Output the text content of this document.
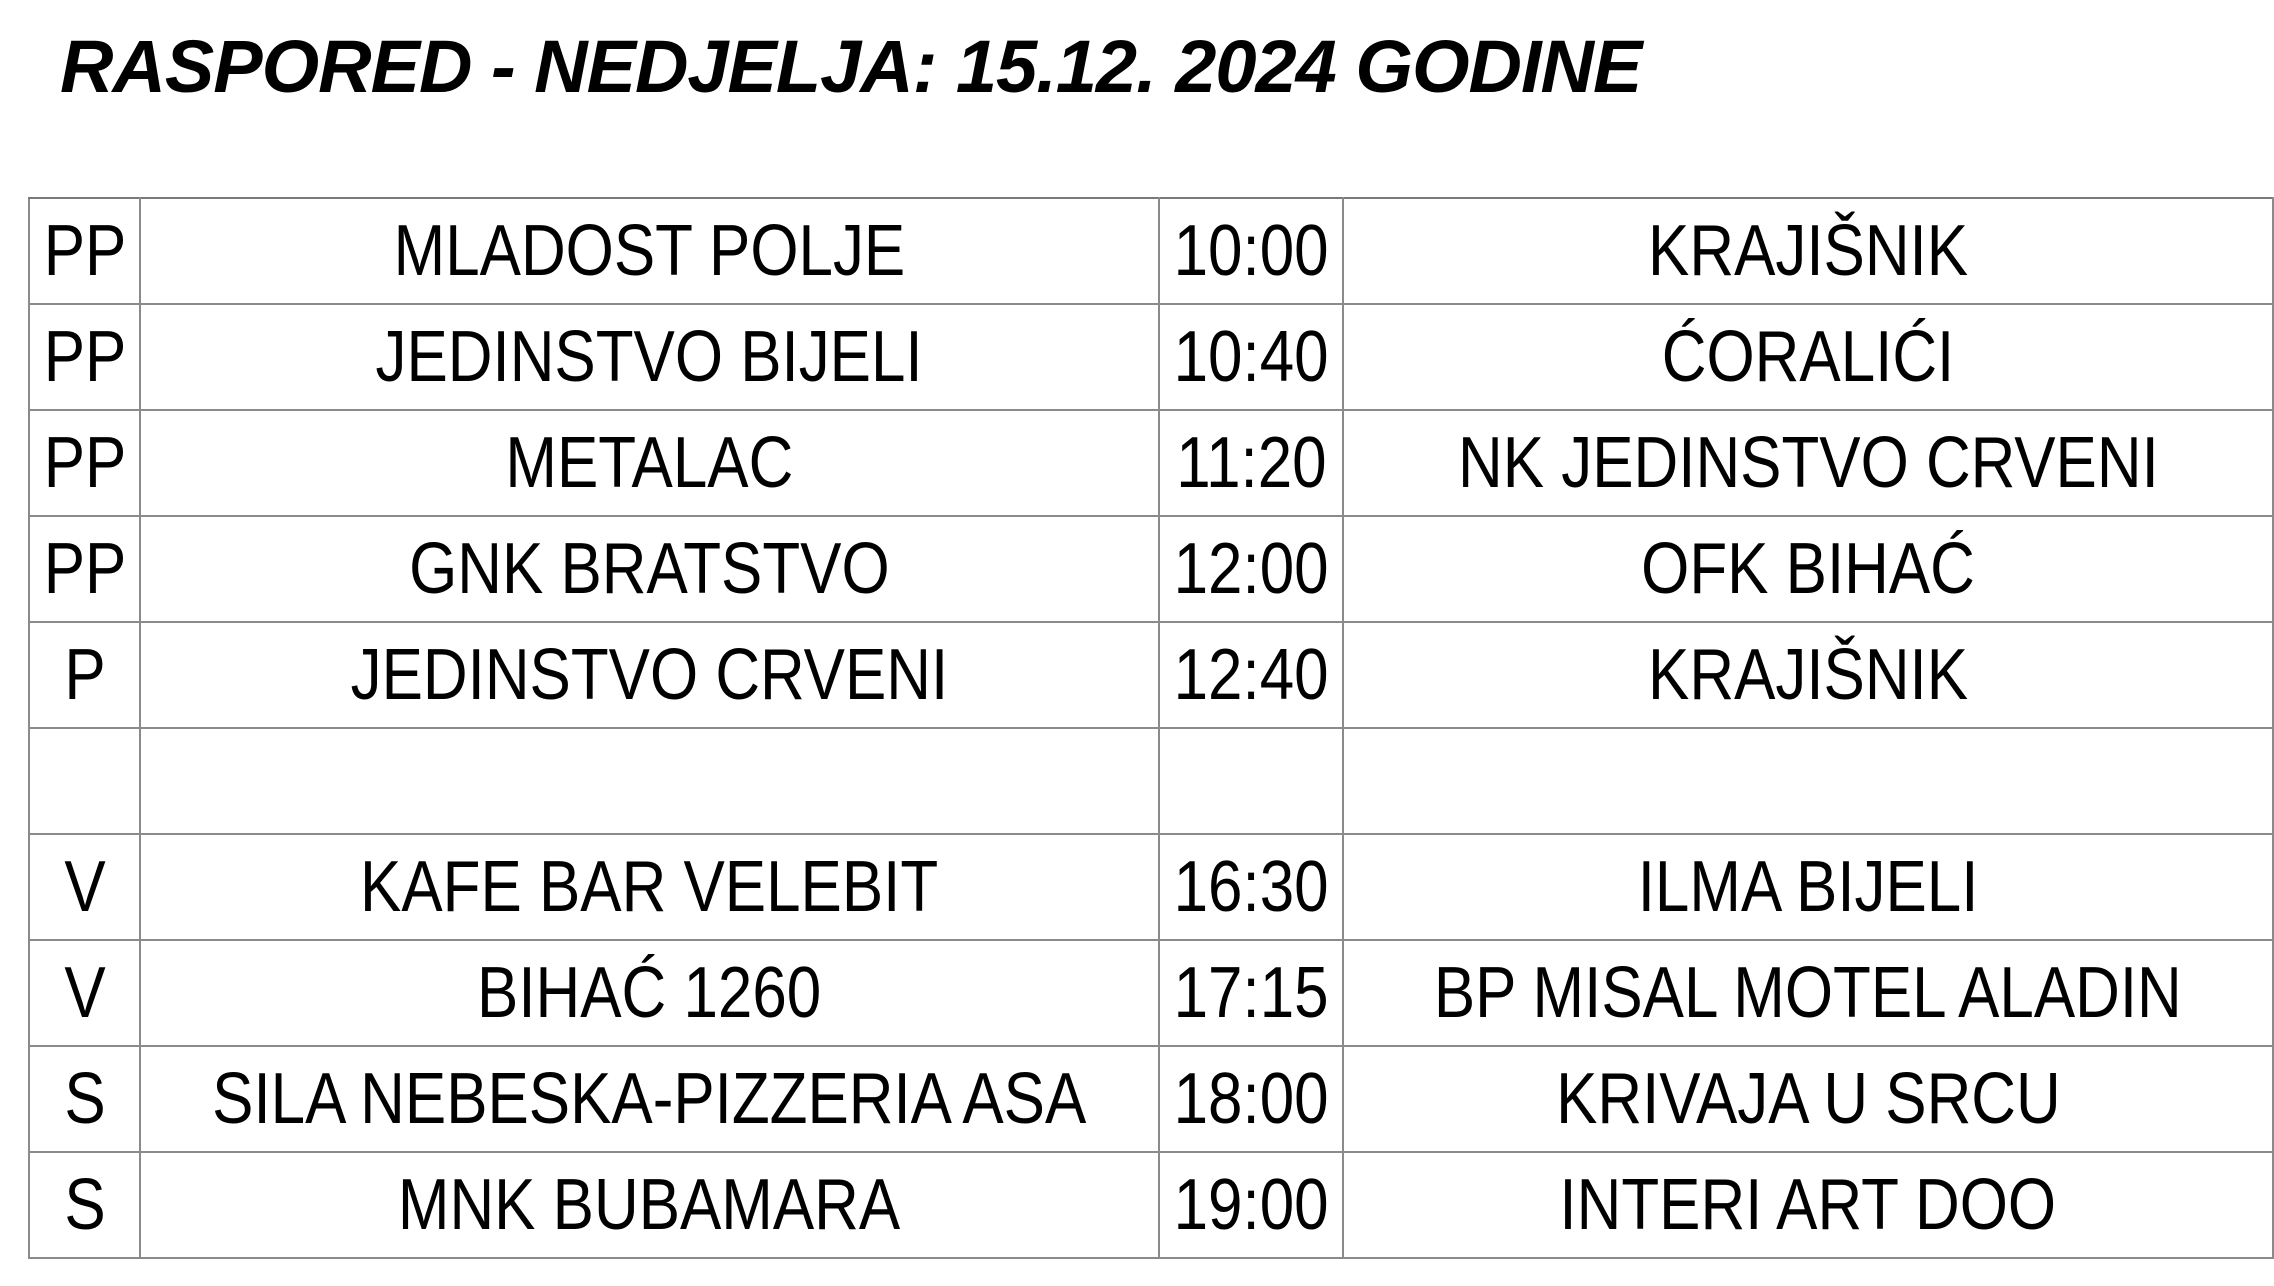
RASPORED - NEDJELJA: 15.12. 2024 GODINE
PP	MLADOST POLJE	10:00	KRAJIŠNIK
PP	JEDINSTVO BIJELI	10:40	ĆORALIĆI
PP	METALAC	11:20	NK JEDINSTVO CRVENI
PP	GNK BRATSTVO	12:00	OFK BIHAĆ
P	JEDINSTVO CRVENI	12:40	KRAJIŠNIK

V	KAFE BAR VELEBIT	16:30	ILMA BIJELI
V	BIHAĆ 1260	17:15	BP MISAL MOTEL ALADIN
S	SILA NEBESKA-PIZZERIA ASA	18:00	KRIVAJA U SRCU
S	MNK BUBAMARA	19:00	INTERI ART DOO
